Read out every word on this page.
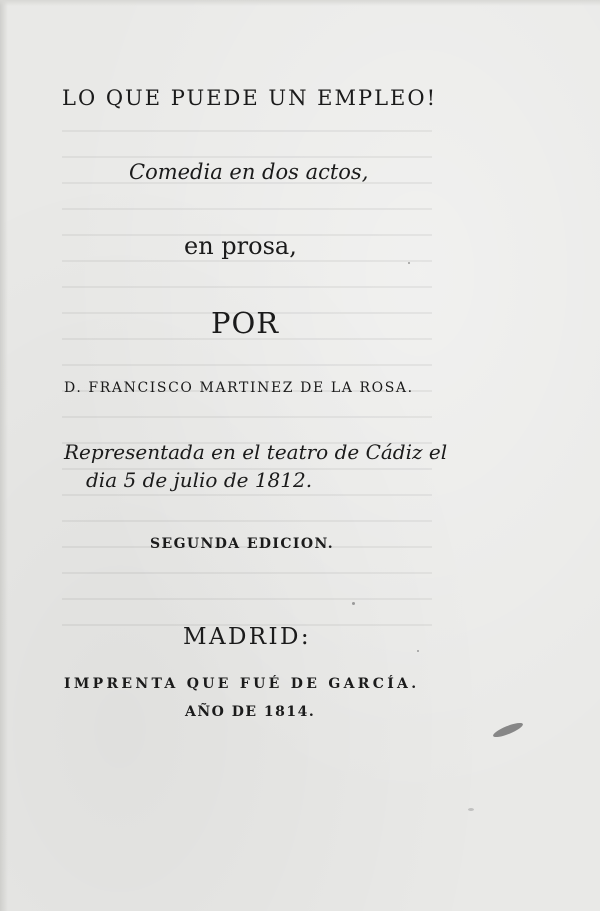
LO QUE PUEDE UN EMPLEO!
Comedia en dos actos,
en prosa,
POR
D. FRANCISCO MARTINEZ DE LA ROSA.
Representada en el teatro de Cádiz el
dia 5 de julio de 1812.
SEGUNDA EDICION.
MADRID:
IMPRENTA QUE FUÉ DE GARCÍA.
AÑO DE 1814.
